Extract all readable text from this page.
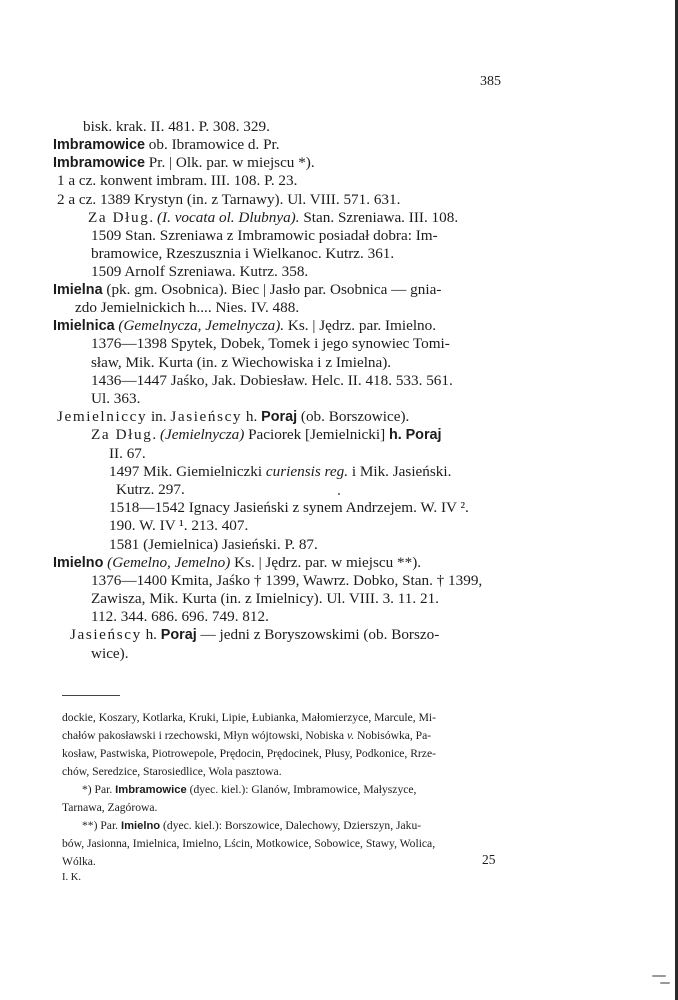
385
bisk. krak. II. 481. P. 308. 329.
Imbramowice ob. Ibramowice d. Pr.
Imbramowice Pr. | Olk. par. w miejscu *).
1 a cz. konwent imbram. III. 108. P. 23.
2 a cz. 1389 Krystyn (in. z Tarnawy). Ul. VIII. 571. 631.
Za Dług. (I. vocata ol. Dlubnya). Stan. Szreniawa. III. 108.
1509 Stan. Szreniawa z Imbramowic posiadał dobra: Im-
bramowice, Rzeszusznia i Wielkanoc. Kutrz. 361.
1509 Arnolf Szreniawa. Kutrz. 358.
Imielna (pk. gm. Osobnica). Biec | Jasło par. Osobnica — gnia-
zdo Jemielnickich h.... Nies. IV. 488.
Imielnica (Gemelnycza, Jemelnycza). Ks. | Jędrz. par. Imielno.
1376—1398 Spytek, Dobek, Tomek i jego synowiec Tomi-
sław, Mik. Kurta (in. z Wiechowiska i z Imielna).
1436—1447 Jaśko, Jak. Dobiesław. Helc. II. 418. 533. 561.
Ul. 363.
Jemielniccy in. Jasieńscy h. Poraj (ob. Borszowice).
Za Dług. (Jemielnycza) Paciorek [Jemielnicki] h. Poraj
II. 67.
1497 Mik. Giemielniczki curiensis reg. i Mik. Jasieński.
Kutrz. 297.
1518—1542 Ignacy Jasieński z synem Andrzejem. W. IV ².
190. W. IV ¹. 213. 407.
1581 (Jemielnica) Jasieński. P. 87.
Imielno (Gemelno, Jemelno) Ks. | Jędrz. par. w miejscu **).
1376—1400 Kmita, Jaśko † 1399, Wawrz. Dobko, Stan. † 1399,
Zawisza, Mik. Kurta (in. z Imielnicy). Ul. VIII. 3. 11. 21.
112. 344. 686. 696. 749. 812.
Jasieńscy h. Poraj — jedni z Boryszowskimi (ob. Borszo-
wice).
dockie, Koszary, Kotlarka, Kruki, Lipie, Łubianka, Małomierzyce, Marcule, Mi-
chałów pakosławski i rzechowski, Młyn wójtowski, Nobiska v. Nobisówka, Pa-
kosław, Pastwiska, Piotrowepole, Prędocin, Prędocinek, Płusy, Podkonice, Rrze-
chów, Seredzice, Starosiedlice, Wola pasztowa.
*) Par. Imbramowice (dyec. kiel.): Glanów, Imbramowice, Małyszyce,
Tarnawa, Zagórowa.
**) Par. Imielno (dyec. kiel.): Borszowice, Dalechowy, Dzierszyn, Jaku-
bów, Jasionna, Imielnica, Imielno, Lścin, Motkowice, Sobowice, Stawy, Wolica,
Wólka.
I. K.
25
